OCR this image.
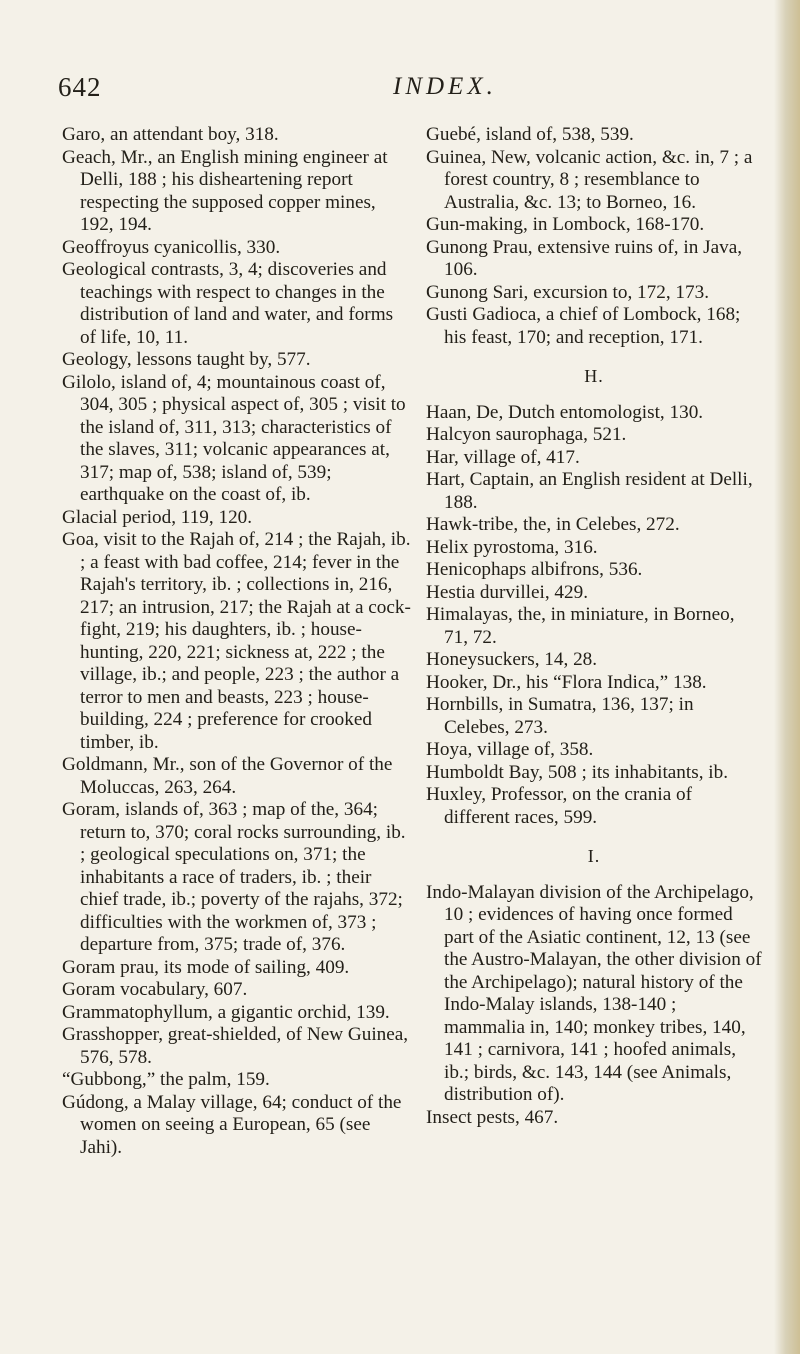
642	INDEX.

Garo, an attendant boy, 318.

Geach, Mr., an English mining engineer at Delli, 188 ; his disheartening report respecting the supposed copper mines, 192, 194.

Geoffroyus cyanicollis, 330.

Geological contrasts, 3, 4; discoveries and teachings with respect to changes in the distribution of land and water, and forms of life, 10, 11.

Geology, lessons taught by, 577.

Gilolo, island of, 4; mountainous coast of, 304, 305 ; physical aspect of, 305 ; visit to the island of, 311, 313; characteristics of the slaves, 311; volcanic appearances at, 317; map of, 538; island of, 539; earthquake on the coast of, ib.

Glacial period, 119, 120.

Goa, visit to the Rajah of, 214 ; the Rajah, ib. ; a feast with bad coffee, 214; fever in the Rajah's territory, ib. ; collections in, 216, 217; an intrusion, 217; the Rajah at a cock-fight, 219; his daughters, ib. ; house-hunting, 220, 221; sickness at, 222 ; the village, ib.; and people, 223 ; the author a terror to men and beasts, 223 ; house-building, 224 ; preference for crooked timber, ib.

Goldmann, Mr., son of the Governor of the Moluccas, 263, 264.

Goram, islands of, 363 ; map of the, 364; return to, 370; coral rocks surrounding, ib. ; geological speculations on, 371; the inhabitants a race of traders, ib. ; their chief trade, ib.; poverty of the rajahs, 372; difficulties with the workmen of, 373 ; departure from, 375; trade of, 376.

Goram prau, its mode of sailing, 409.

Goram vocabulary, 607.

Grammatophyllum, a gigantic orchid, 139.

Grasshopper, great-shielded, of New Guinea, 576, 578.

“Gubbong,” the palm, 159.

Gúdong, a Malay village, 64; conduct of the women on seeing a European, 65 (see Jahi).

Guebé, island of, 538, 539.

Guinea, New, volcanic action, &c. in, 7 ; a forest country, 8 ; resemblance to Australia, &c. 13; to Borneo, 16.

Gun-making, in Lombock, 168-170.

Gunong Prau, extensive ruins of, in Java, 106.

Gunong Sari, excursion to, 172, 173.

Gusti Gadioca, a chief of Lombock, 168; his feast, 170; and reception, 171.

H.

Haan, De, Dutch entomologist, 130.

Halcyon saurophaga, 521.

Har, village of, 417.

Hart, Captain, an English resident at Delli, 188.

Hawk-tribe, the, in Celebes, 272.

Helix pyrostoma, 316.

Henicophaps albifrons, 536.

Hestia durvillei, 429.

Himalayas, the, in miniature, in Borneo, 71, 72.

Honeysuckers, 14, 28.

Hooker, Dr., his “Flora Indica,” 138.

Hornbills, in Sumatra, 136, 137; in Celebes, 273.

Hoya, village of, 358.

Humboldt Bay, 508 ; its inhabitants, ib.

Huxley, Professor, on the crania of different races, 599.

I.

Indo-Malayan division of the Archipelago, 10 ; evidences of having once formed part of the Asiatic continent, 12, 13 (see the Austro-Malayan, the other division of the Archipelago); natural history of the Indo-Malay islands, 138-140 ; mammalia in, 140; monkey tribes, 140, 141 ; carnivora, 141 ; hoofed animals, ib.; birds, &c. 143, 144 (see Animals, distribution of).

Insect pests, 467.
